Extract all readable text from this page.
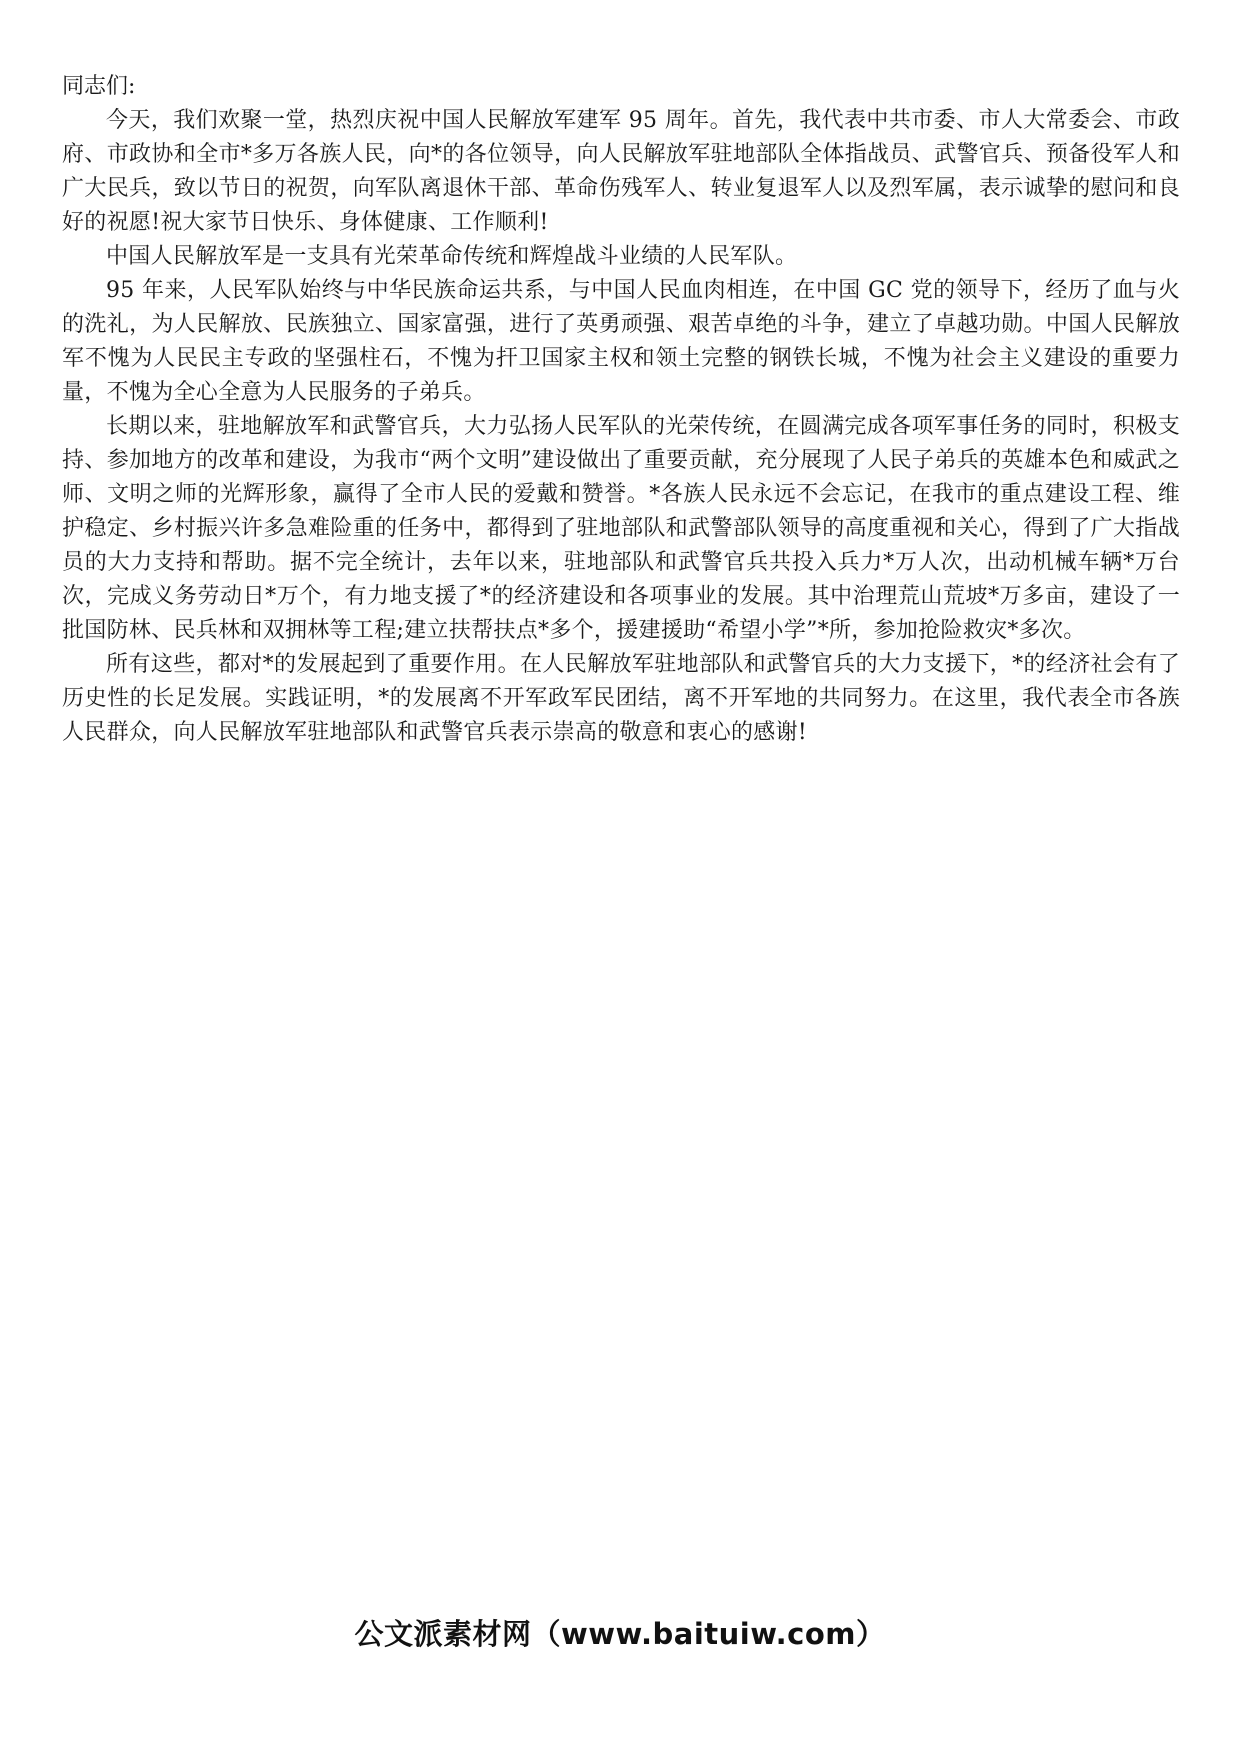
同志们:

今天，我们欢聚一堂，热烈庆祝中国人民解放军建军 95 周年。首先，我代表中共市委、市人大常委会、市政府、市政协和全市*多万各族人民，向*的各位领导，向人民解放军驻地部队全体指战员、武警官兵、预备役军人和广大民兵，致以节日的祝贺，向军队离退休干部、革命伤残军人、转业复退军人以及烈军属，表示诚挚的慰问和良好的祝愿!祝大家节日快乐、身体健康、工作顺利!

中国人民解放军是一支具有光荣革命传统和辉煌战斗业绩的人民军队。

95 年来，人民军队始终与中华民族命运共系，与中国人民血肉相连，在中国 GC 党的领导下，经历了血与火的洗礼，为人民解放、民族独立、国家富强，进行了英勇顽强、艰苦卓绝的斗争，建立了卓越功勋。中国人民解放军不愧为人民民主专政的坚强柱石，不愧为扞卫国家主权和领土完整的钢铁长城，不愧为社会主义建设的重要力量，不愧为全心全意为人民服务的子弟兵。

长期以来，驻地解放军和武警官兵，大力弘扬人民军队的光荣传统，在圆满完成各项军事任务的同时，积极支持、参加地方的改革和建设，为我市“两个文明”建设做出了重要贡献，充分展现了人民子弟兵的英雄本色和威武之师、文明之师的光辉形象，赢得了全市人民的爱戴和赞誉。*各族人民永远不会忘记，在我市的重点建设工程、维护稳定、乡村振兴许多急难险重的任务中，都得到了驻地部队和武警部队领导的高度重视和关心，得到了广大指战员的大力支持和帮助。据不完全统计，去年以来，驻地部队和武警官兵共投入兵力*万人次，出动机械车辆*万台次，完成义务劳动日*万个，有力地支援了*的经济建设和各项事业的发展。其中治理荒山荒坡*万多亩，建设了一批国防林、民兵林和双拥林等工程;建立扶帮扶点*多个，援建援助“希望小学”*所，参加抢险救灾*多次。

所有这些，都对*的发展起到了重要作用。在人民解放军驻地部队和武警官兵的大力支援下，*的经济社会有了历史性的长足发展。实践证明，*的发展离不开军政军民团结，离不开军地的共同努力。在这里，我代表全市各族人民群众，向人民解放军驻地部队和武警官兵表示崇高的敬意和衷心的感谢!

公文派素材网（www.baituiw.com）
